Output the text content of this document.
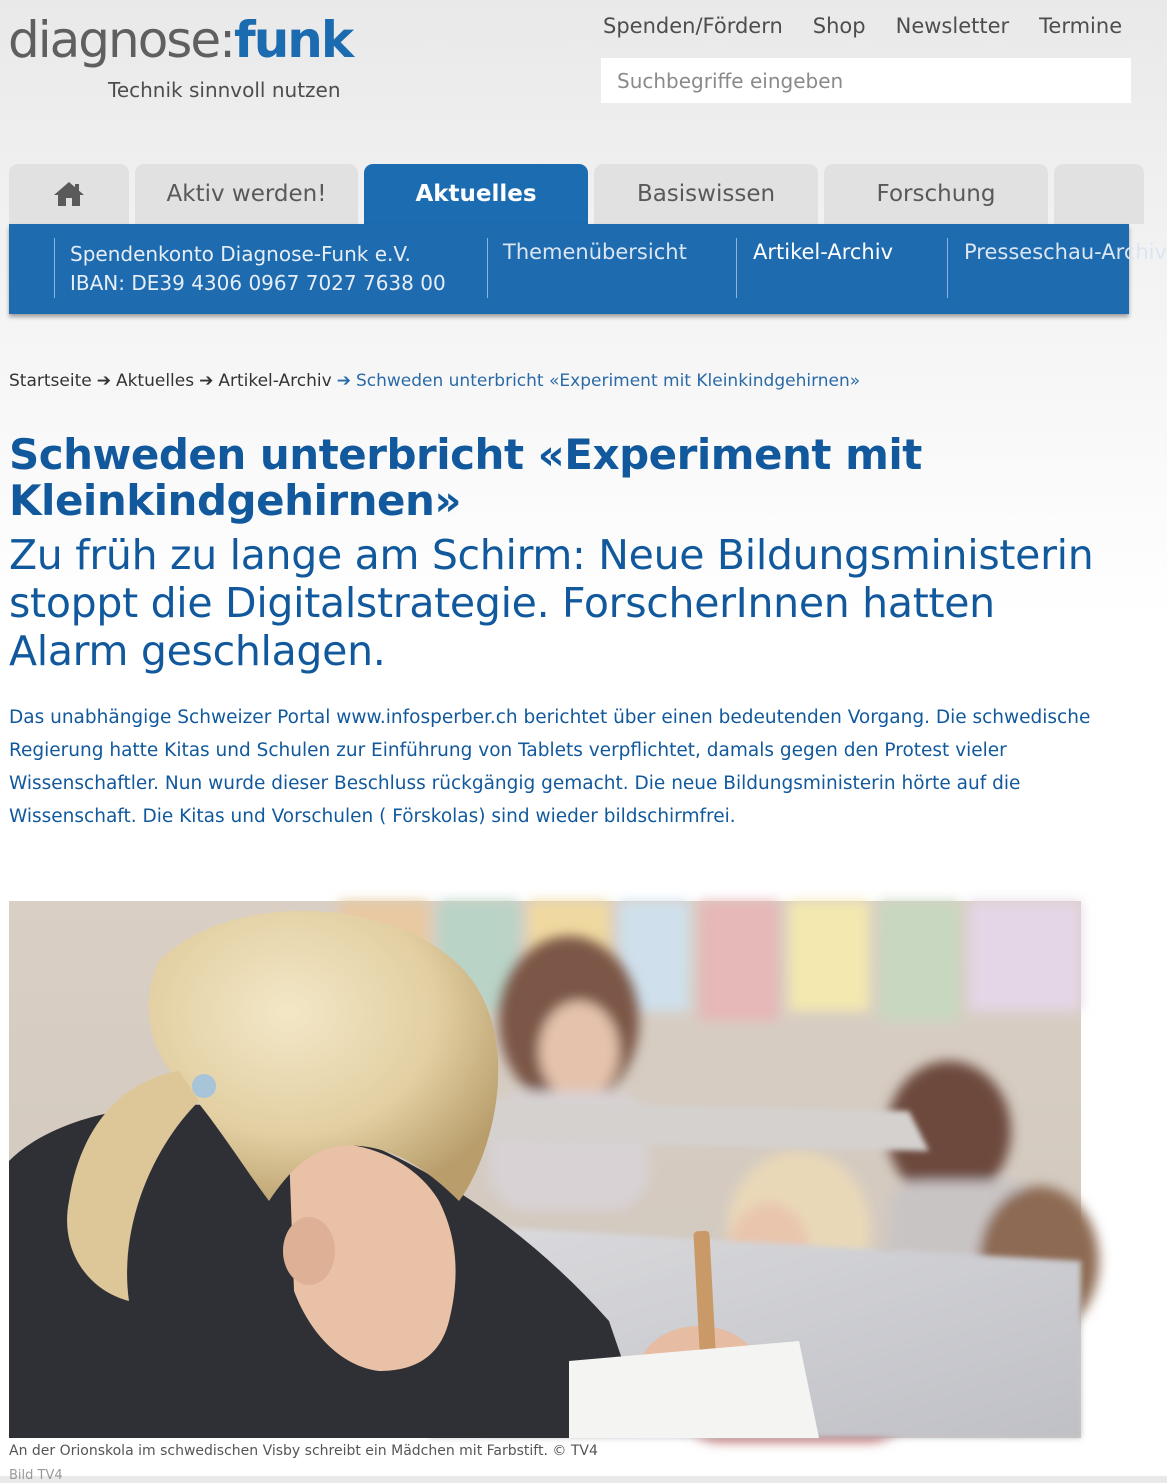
diagnose:funk
Technik sinnvoll nutzen
Spenden/Fördern Shop Newsletter Termine
Suchbegriffe eingeben
Aktiv werden!	Aktuelles	Basiswissen	Forschung
Spendenkonto Diagnose-Funk e.V.
IBAN: DE39 4306 0967 7027 7638 00
Themenübersicht	Artikel-Archiv	Presseschau-Archiv
Startseite ➔ Aktuelles ➔ Artikel-Archiv ➔ Schweden unterbricht «Experiment mit Kleinkindgehirnen»
Schweden unterbricht «Experiment mit Kleinkindgehirnen»
Zu früh zu lange am Schirm: Neue Bildungsministerin stoppt die Digitalstrategie. ForscherInnen hatten Alarm geschlagen.

Das unabhängige Schweizer Portal www.infosperber.ch berichtet über einen bedeutenden Vorgang. Die schwedische Regierung hatte Kitas und Schulen zur Einführung von Tablets verpflichtet, damals gegen den Protest vieler Wissenschaftler. Nun wurde dieser Beschluss rückgängig gemacht. Die neue Bildungsministerin hörte auf die Wissenschaft. Die Kitas und Vorschulen ( Förskolas) sind wieder bildschirmfrei.

An der Orionskola im schwedischen Visby schreibt ein Mädchen mit Farbstift. © TV4
Bild TV4
